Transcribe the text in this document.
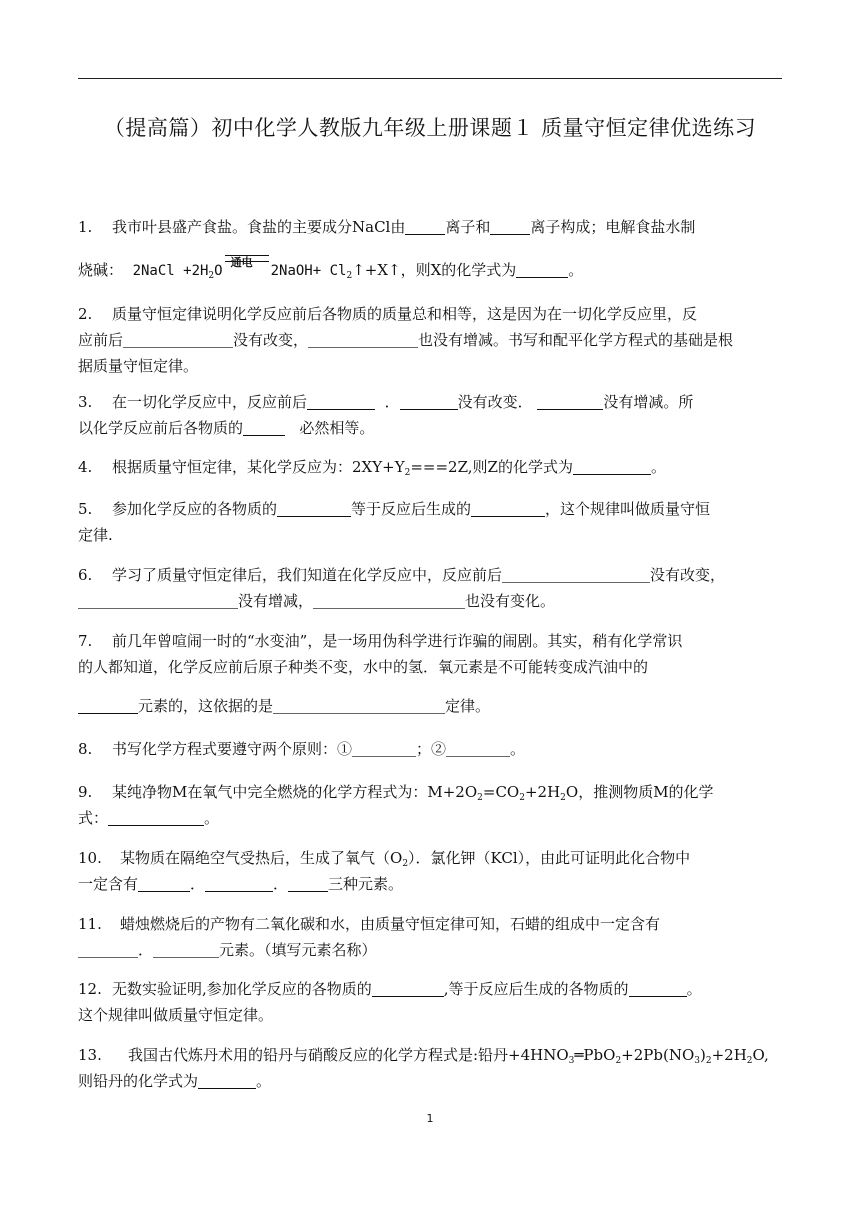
（提高篇）初中化学人教版九年级上册课题１ 质量守恒定律优选练习
1. 我市叶县盛产食盐。食盐的主要成分NaCl由	离子和	离子构成；电解食盐水制
烧碱： 2NaCl $+2H_2O$
通电
2NaOH+ $Cl_2↑+X↑$，则X的化学式为	。
2. 质量守恒定律说明化学反应前后各物质的质量总和相等，这是因为在一切化学反应里，反
应前后	没有改变，	也没有增减。书写和配平化学方程式的基础是根
据质量守恒定律。
3. 在一切化学反应中，反应前后	．	没有改变．	没有增减。所
以化学反应前后各物质的	必然相等。
4. 根据质量守恒定律，某化学反应为：$2XY+Y_2===2Z$,则Z的化学式为	。
5. 参加化学反应的各物质的	等于反应后生成的	，这个规律叫做质量守恒
定律.
6. 学习了质量守恒定律后，我们知道在化学反应中，反应前后	没有改变，
没有增减，	也没有变化。
7. 前几年曾喧闹一时的“水变油”，是一场用伪科学进行诈骗的闹剧。其实，稍有化学常识
的人都知道，化学反应前后原子种类不变，水中的氢．氧元素是不可能转变成汽油中的
元素的，这依据的是	定律。
8. 书写化学方程式要遵守两个原则：①	；②	。
9. 某纯净物M在氧气中完全燃烧的化学方程式为：$M+2O_2=CO_2+2H_2O$，推测物质M的化学
式：	。
10. 某物质在隔绝空气受热后，生成了氧气$(O_2)$．氯化钾（KCl），由此可证明此化合物中
一定含有	．	．	三种元素。
11. 蜡烛燃烧后的产物有二氧化碳和水，由质量守恒定律可知，石蜡的组成中一定含有
．	元素。（填写元素名称）
12. 无数实验证明,参加化学反应的各物质的	,等于反应后生成的各物质的	。
这个规律叫做质量守恒定律。
13. 我国古代炼丹术用的铅丹与硝酸反应的化学方程式是:铅丹$+4HNO_3═PbO_2+2Pb(NO_3)_2+2H_2O$,
则铅丹的化学式为	。
1
